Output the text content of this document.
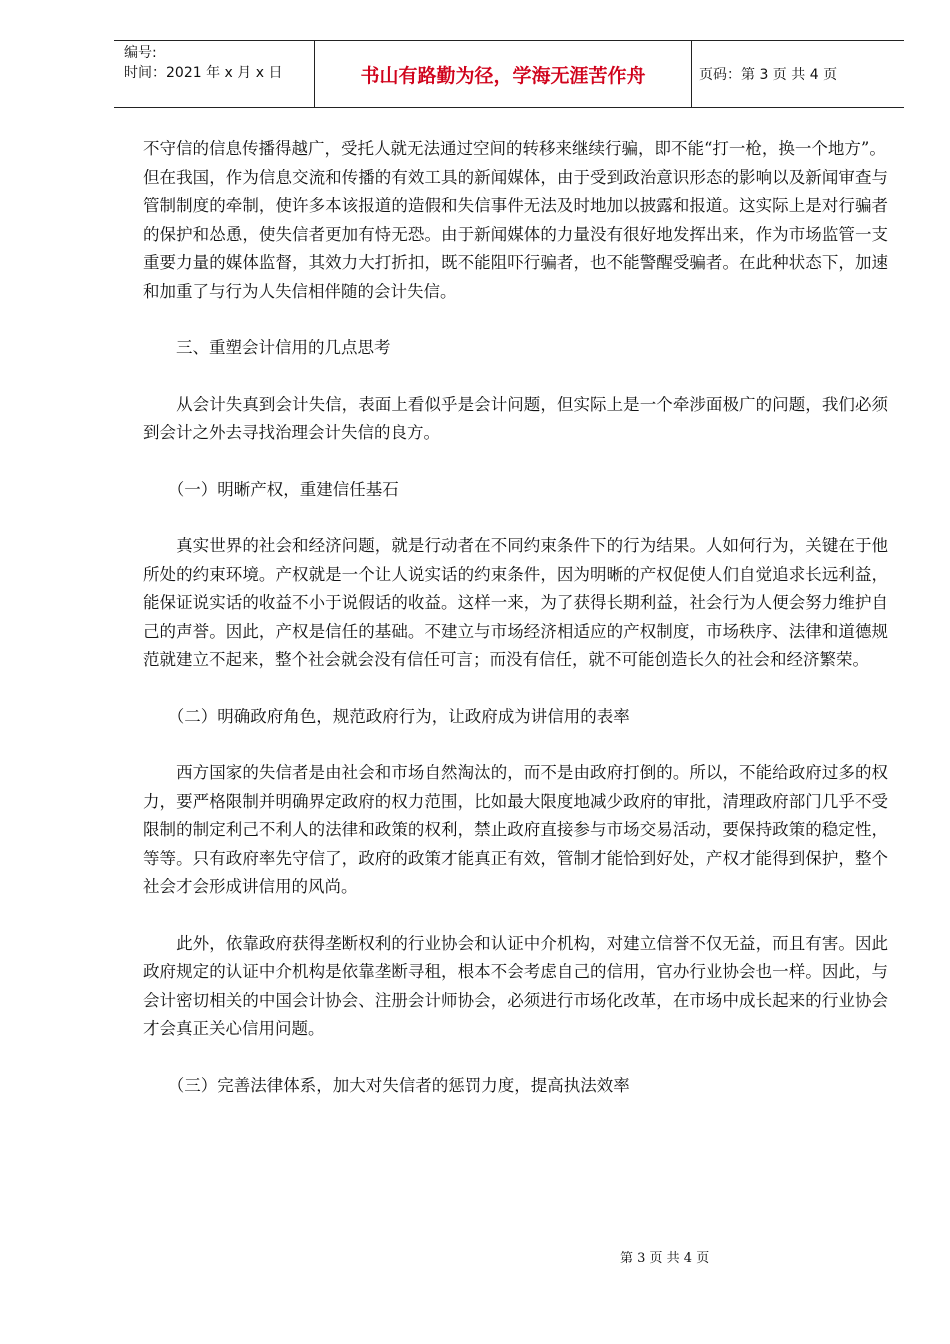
编号:
时间：2021 年 x 月 x 日	书山有路勤为径，学海无涯苦作舟	页码：第 3 页 共 4 页

不守信的信息传播得越广，受托人就无法通过空间的转移来继续行骗，即不能“打一枪，换一个地方”。

但在我国，作为信息交流和传播的有效工具的新闻媒体，由于受到政治意识形态的影响以及新闻审查与管制制度的牵制，使许多本该报道的造假和失信事件无法及时地加以披露和报道。这实际上是对行骗者的保护和怂恿，使失信者更加有恃无恐。由于新闻媒体的力量没有很好地发挥出来，作为市场监管一支重要力量的媒体监督，其效力大打折扣，既不能阻吓行骗者，也不能警醒受骗者。在此种状态下，加速和加重了与行为人失信相伴随的会计失信。

　　三、重塑会计信用的几点思考

　　从会计失真到会计失信，表面上看似乎是会计问题，但实际上是一个牵涉面极广的问题，我们必须到会计之外去寻找治理会计失信的良方。

　　（一）明晰产权，重建信任基石

　　真实世界的社会和经济问题，就是行动者在不同约束条件下的行为结果。人如何行为，关键在于他所处的约束环境。产权就是一个让人说实话的约束条件，因为明晰的产权促使人们自觉追求长远利益，能保证说实话的收益不小于说假话的收益。这样一来，为了获得长期利益，社会行为人便会努力维护自己的声誉。因此，产权是信任的基础。不建立与市场经济相适应的产权制度，市场秩序、法律和道德规范就建立不起来，整个社会就会没有信任可言；而没有信任，就不可能创造长久的社会和经济繁荣。

　　（二）明确政府角色，规范政府行为，让政府成为讲信用的表率

　　西方国家的失信者是由社会和市场自然淘汰的，而不是由政府打倒的。所以，不能给政府过多的权力，要严格限制并明确界定政府的权力范围，比如最大限度地减少政府的审批，清理政府部门几乎不受限制的制定利己不利人的法律和政策的权利，禁止政府直接参与市场交易活动，要保持政策的稳定性，等等。只有政府率先守信了，政府的政策才能真正有效，管制才能恰到好处，产权才能得到保护，整个社会才会形成讲信用的风尚。

　　此外，依靠政府获得垄断权利的行业协会和认证中介机构，对建立信誉不仅无益，而且有害。因此政府规定的认证中介机构是依靠垄断寻租，根本不会考虑自己的信用，官办行业协会也一样。因此，与会计密切相关的中国会计协会、注册会计师协会，必须进行市场化改革，在市场中成长起来的行业协会才会真正关心信用问题。

　　（三）完善法律体系，加大对失信者的惩罚力度，提高执法效率

第 3 页 共 4 页
